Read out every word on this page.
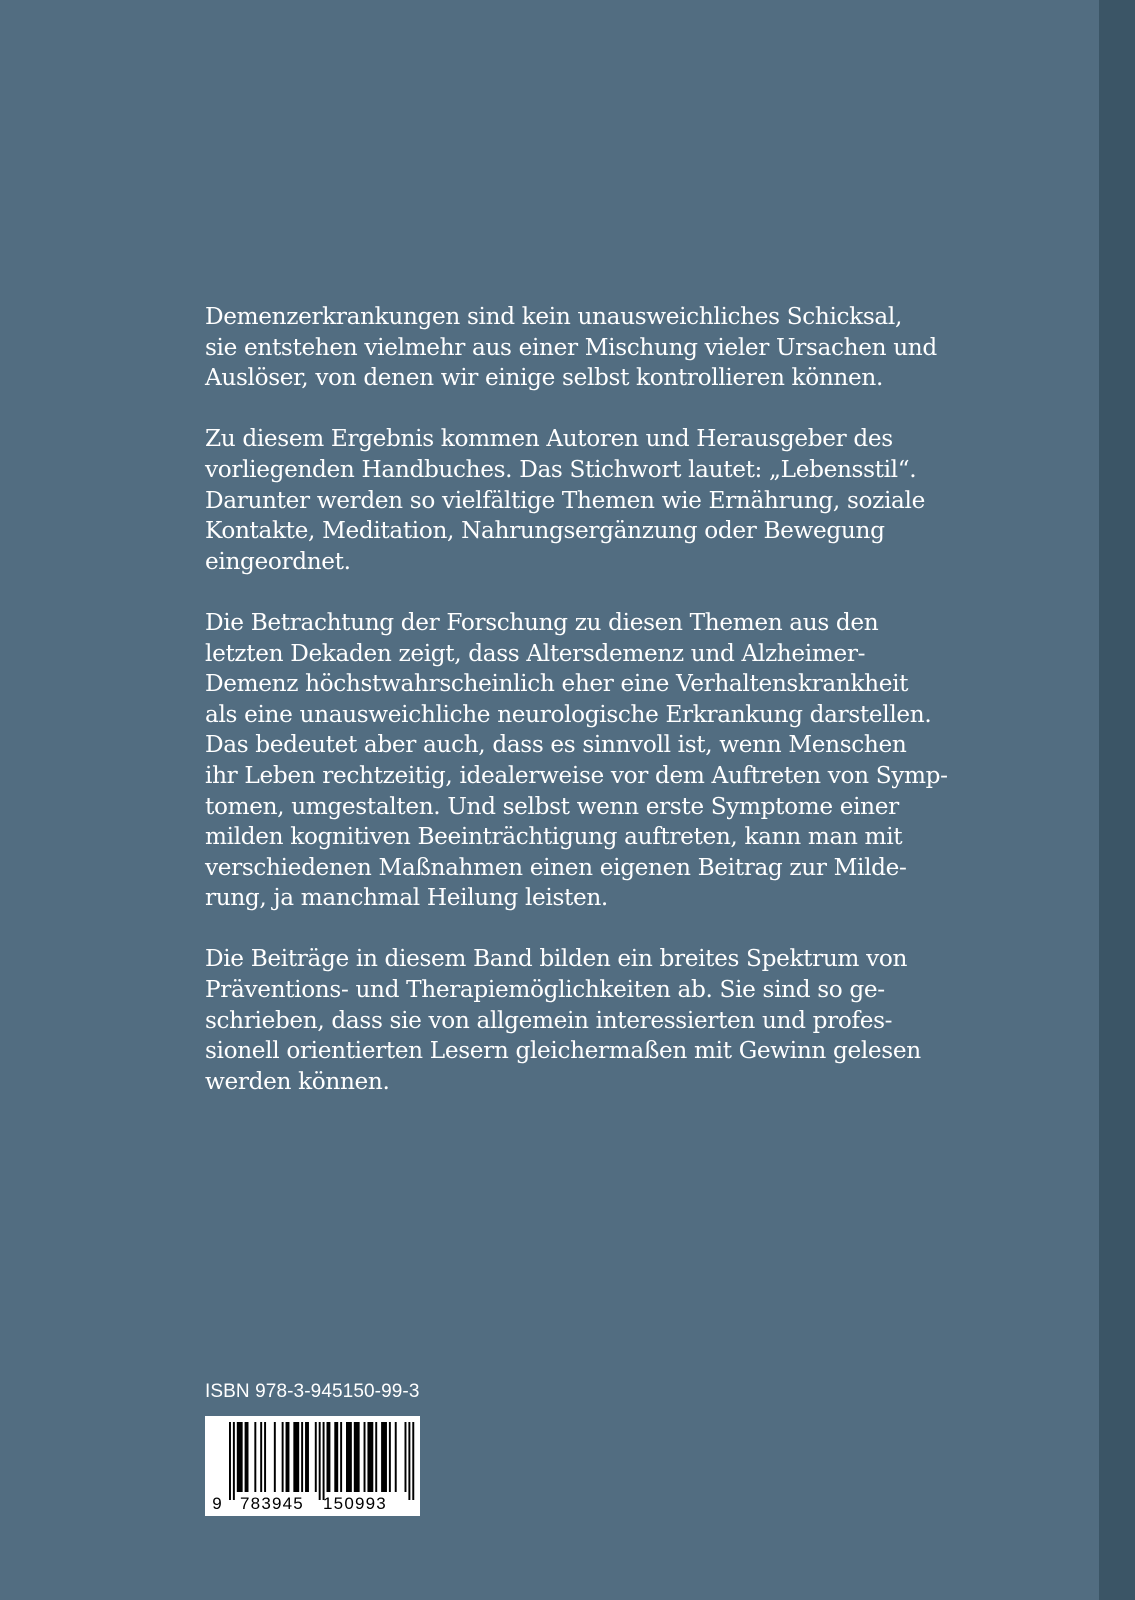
Demenzerkrankungen sind kein unausweichliches Schicksal,
sie entstehen vielmehr aus einer Mischung vieler Ursachen und
Auslöser, von denen wir einige selbst kontrollieren können.

Zu diesem Ergebnis kommen Autoren und Herausgeber des
vorliegenden Handbuches. Das Stichwort lautet: „Lebensstil“.
Darunter werden so vielfältige Themen wie Ernährung, soziale
Kontakte, Meditation, Nahrungsergänzung oder Bewegung
eingeordnet.

Die Betrachtung der Forschung zu diesen Themen aus den
letzten Dekaden zeigt, dass Altersdemenz und Alzheimer-
Demenz höchstwahrscheinlich eher eine Verhaltenskrankheit
als eine unausweichliche neurologische Erkrankung darstellen.
Das bedeutet aber auch, dass es sinnvoll ist, wenn Menschen
ihr Leben rechtzeitig, idealerweise vor dem Auftreten von Symp-
tomen, umgestalten. Und selbst wenn erste Symptome einer
milden kognitiven Beeinträchtigung auftreten, kann man mit
verschiedenen Maßnahmen einen eigenen Beitrag zur Milde-
rung, ja manchmal Heilung leisten.

Die Beiträge in diesem Band bilden ein breites Spektrum von
Präventions- und Therapiemöglichkeiten ab. Sie sind so ge-
schrieben, dass sie von allgemein interessierten und profes-
sionell orientierten Lesern gleichermaßen mit Gewinn gelesen
werden können.

ISBN 978-3-945150-99-3
9 783945 150993
